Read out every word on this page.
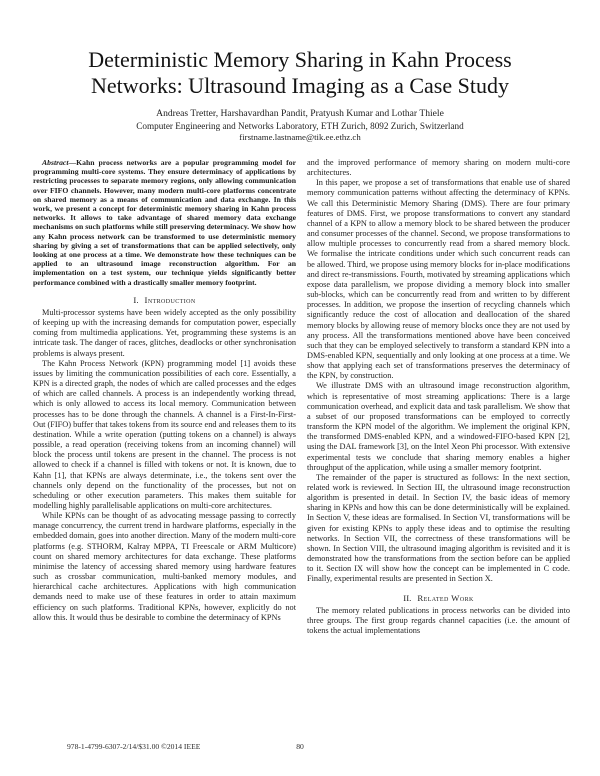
Deterministic Memory Sharing in Kahn Process
Networks: Ultrasound Imaging as a Case Study
Andreas Tretter, Harshavardhan Pandit, Pratyush Kumar and Lothar Thiele
Computer Engineering and Networks Laboratory, ETH Zurich, 8092 Zurich, Switzerland
firstname.lastname@tik.ee.ethz.ch
Abstract—Kahn process networks are a popular programming model for programming multi-core systems. They ensure determinacy of applications by restricting processes to separate memory regions, only allowing communication over FIFO channels. However, many modern multi-core platforms concentrate on shared memory as a means of communication and data exchange. In this work, we present a concept for deterministic memory sharing in Kahn process networks. It allows to take advantage of shared memory data exchange mechanisms on such platforms while still preserving determinacy. We show how any Kahn process network can be transformed to use deterministic memory sharing by giving a set of transformations that can be applied selectively, only looking at one process at a time. We demonstrate how these techniques can be applied to an ultrasound image reconstruction algorithm. For an implementation on a test system, our technique yields significantly better performance combined with a drastically smaller memory footprint.
I. Introduction
Multi-processor systems have been widely accepted as the only possibility of keeping up with the increasing demands for computation power, especially coming from multimedia applications. Yet, programming these systems is an intricate task. The danger of races, glitches, deadlocks or other synchronisation problems is always present.
The Kahn Process Network (KPN) programming model [1] avoids these issues by limiting the communication possibilities of each core. Essentially, a KPN is a directed graph, the nodes of which are called processes and the edges of which are called channels. A process is an independently working thread, which is only allowed to access its local memory. Communication between processes has to be done through the channels. A channel is a First-In-First-Out (FIFO) buffer that takes tokens from its source end and releases them to its destination. While a write operation (putting tokens on a channel) is always possible, a read operation (receiving tokens from an incoming channel) will block the process until tokens are present in the channel. The process is not allowed to check if a channel is filled with tokens or not. It is known, due to Kahn [1], that KPNs are always determinate, i.e., the tokens sent over the channels only depend on the functionality of the processes, but not on scheduling or other execution parameters. This makes them suitable for modelling highly parallelisable applications on multi-core architectures.
While KPNs can be thought of as advocating message passing to correctly manage concurrency, the current trend in hardware platforms, especially in the embedded domain, goes into another direction. Many of the modern multi-core platforms (e.g. STHORM, Kalray MPPA, TI Freescale or ARM Multicore) count on shared memory architectures for data exchange. These platforms minimise the latency of accessing shared memory using hardware features such as crossbar communication, multi-banked memory modules, and hierarchical cache architectures. Applications with high communication demands need to make use of these features in order to attain maximum efficiency on such platforms. Traditional KPNs, however, explicitly do not allow this. It would thus be desirable to combine the determinacy of KPNs
and the improved performance of memory sharing on modern multi-core architectures.
In this paper, we propose a set of transformations that enable use of shared memory communication patterns without affecting the determinacy of KPNs. We call this Deterministic Memory Sharing (DMS). There are four primary features of DMS. First, we propose transformations to convert any standard channel of a KPN to allow a memory block to be shared between the producer and consumer processes of the channel. Second, we propose transformations to allow multiple processes to concurrently read from a shared memory block. We formalise the intricate conditions under which such concurrent reads can be allowed. Third, we propose using memory blocks for in-place modifications and direct re-transmissions. Fourth, motivated by streaming applications which expose data parallelism, we propose dividing a memory block into smaller sub-blocks, which can be concurrently read from and written to by different processes. In addition, we propose the insertion of recycling channels which significantly reduce the cost of allocation and deallocation of the shared memory blocks by allowing reuse of memory blocks once they are not used by any process. All the transformations mentioned above have been conceived such that they can be employed selectively to transform a standard KPN into a DMS-enabled KPN, sequentially and only looking at one process at a time. We show that applying each set of transformations preserves the determinacy of the KPN, by construction.
We illustrate DMS with an ultrasound image reconstruction algorithm, which is representative of most streaming applications: There is a large communication overhead, and explicit data and task parallelism. We show that a subset of our proposed transformations can be employed to correctly transform the KPN model of the algorithm. We implement the original KPN, the transformed DMS-enabled KPN, and a windowed-FIFO-based KPN [2], using the DAL framework [3], on the Intel Xeon Phi processor. With extensive experimental tests we conclude that sharing memory enables a higher throughput of the application, while using a smaller memory footprint.
The remainder of the paper is structured as follows: In the next section, related work is reviewed. In Section III, the ultrasound image reconstruction algorithm is presented in detail. In Section IV, the basic ideas of memory sharing in KPNs and how this can be done deterministically will be explained. In Section V, these ideas are formalised. In Section VI, transformations will be given for existing KPNs to apply these ideas and to optimise the resulting networks. In Section VII, the correctness of these transformations will be shown. In Section VIII, the ultrasound imaging algorithm is revisited and it is demonstrated how the transformations from the section before can be applied to it. Section IX will show how the concept can be implemented in C code. Finally, experimental results are presented in Section X.
II. Related Work
The memory related publications in process networks can be divided into three groups. The first group regards channel capacities (i.e. the amount of tokens the actual implementations
978-1-4799-6307-2/14/$31.00 ©2014 IEEE	80
